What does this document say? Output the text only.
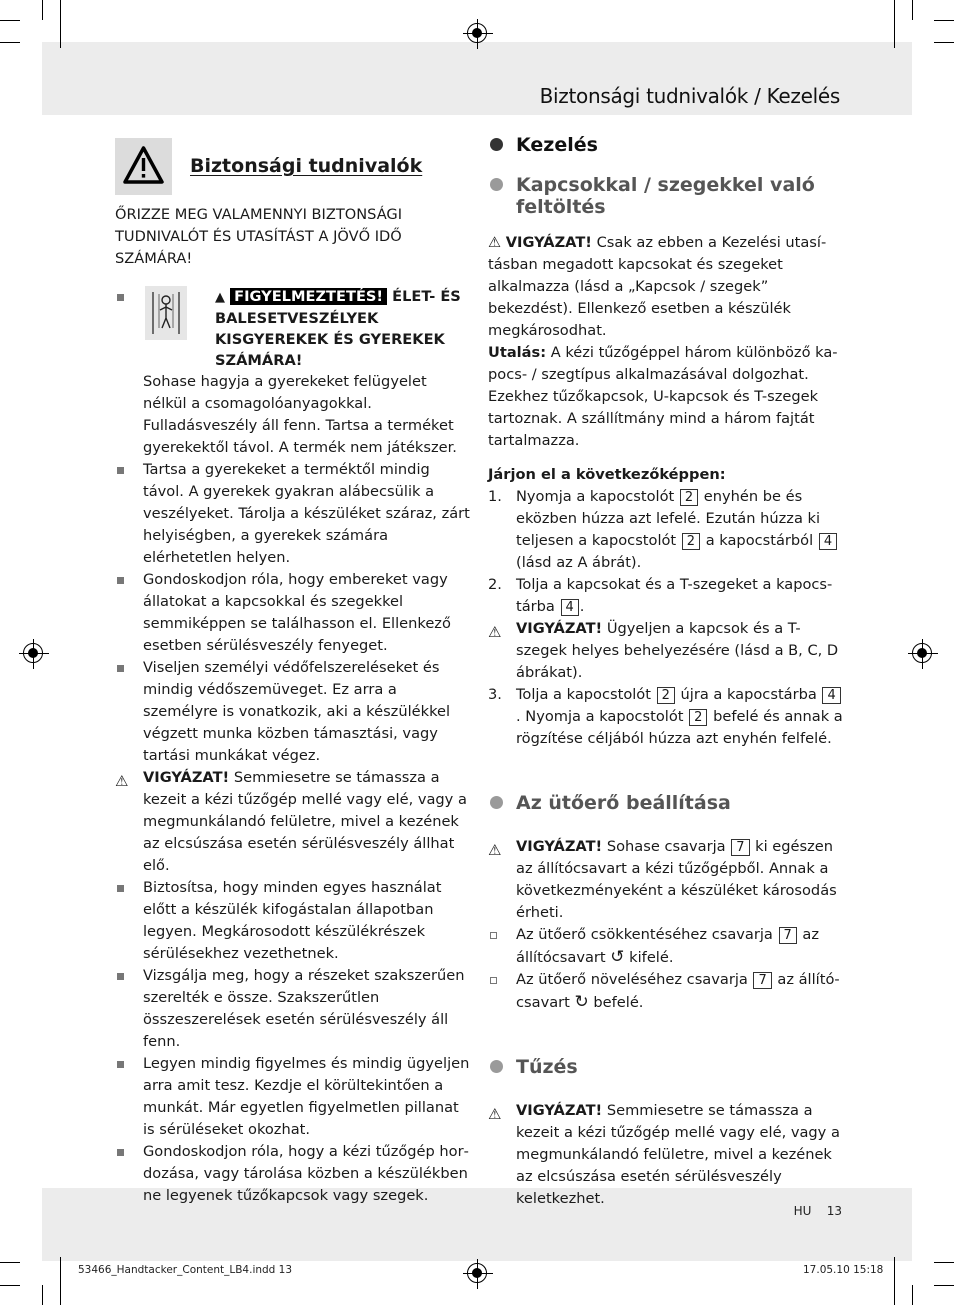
Biztonsági tudnivalók / Kezelés
HU 13
53466_Handtacker_Content_LB4.indd 13	17.05.10 15:18
Biztonsági tudnivalók
ŐRIZZE MEG VALAMENNYI BIZTONSÁGI TUDNIVALÓT ÉS UTASÍTÁST A JÖVŐ IDŐ SZÁMÁRA!
▲ FIGYELMEZTETÉS! ÉLET- ÉS BALESETVESZÉLYEK KISGYEREKEK ÉS GYEREKEK SZÁMÁRA!
Sohase hagyja a gyerekeket felügyelet nélkül a csomagolóanyagokkal. Fulladásveszély áll fenn. Tartsa a terméket gyerekektől távol. A termék nem játékszer.
Tartsa a gyerekeket a terméktől mindig távol. A gyerekek gyakran alábecsülik a veszélyeket. Tárolja a készüléket száraz, zárt helyiségben, a gyerekek számára elérhetetlen helyen.
Gondoskodjon róla, hogy embereket vagy állatokat a kapcsokkal és szegekkel semmiképpen se találhasson el. Ellenkező esetben sérülésveszély fenyeget.
Viseljen személyi védőfelszereléseket és mindig védőszemüveget. Ez arra a személyre is vonatkozik, aki a készülékkel végzett munka közben támasztási, vagy tartási munkákat végez.
⚠ VIGYÁZAT! Semmiesetre se támassza a kezeit a kézi tűzőgép mellé vagy elé, vagy a megmunkálandó felületre, mivel a kezének az elcsúszása esetén sérülésveszély állhat elő.
Biztosítsa, hogy minden egyes használat előtt a készülék kifogástalan állapotban legyen. Megkárosodott készülékrészek sérülésekhez vezethetnek.
Vizsgálja meg, hogy a részeket szakszerűen szerelték e össze. Szakszerűtlen összeszerelések esetén sérülésveszély áll fenn.
Legyen mindig figyelmes és mindig ügyeljen arra amit tesz. Kezdje el körültekintően a munkát. Már egyetlen figyelmetlen pillanat is sérüléseket okozhat.
Gondoskodjon róla, hogy a kézi tűzőgép hordozása, vagy tárolása közben a készülékben ne legyenek tűzőkapcsok vagy szegek.
Kezelés
Kapcsokkal / szegekkel való feltöltés
⚠ VIGYÁZAT! Csak az ebben a Kezelési utasításban megadott kapcsokat és szegeket alkalmazza (lásd a „Kapcsok / szegek” bekezdést). Ellenkező esetben a készülék megkárosodhat.
Utalás: A kézi tűzőgéppel három különböző kapocs- / szegtípus alkalmazásával dolgozhat. Ezekhez tűzőkapcsok, U-kapcsok és T-szegek tartoznak. A szállítmány mind a három fajtát tartalmazza.
Járjon el a következőképpen:
1. Nyomja a kapocstolót 2 enyhén be és eközben húzza azt lefelé. Ezután húzza ki teljesen a kapocstolót 2 a kapocstárból 4 (lásd az A ábrát).
2. Tolja a kapcsokat és a T-szegeket a kapocstárba 4 .
⚠ VIGYÁZAT! Ügyeljen a kapcsok és a T-szegek helyes behelyezésére (lásd a B, C, D ábrákat).
3. Tolja a kapocstolót 2 újra a kapocstárba 4. Nyomja a kapocstolót 2 befelé és annak a rögzítése céljából húzza azt enyhén felfelé.
Az ütőerő beállítása
⚠ VIGYÁZAT! Sohase csavarja 7 ki egészen az állítócsavart a kézi tűzőgépből. Annak a következményeként a készüléket károsodás érheti.
Az ütőerő csökkentéséhez csavarja 7 az állítócsavart ↺ kifelé.
Az ütőerő növeléséhez csavarja 7 az állítócsavart ↻ befelé.
Tűzés
⚠ VIGYÁZAT! Semmiesetre se támassza a kezeit a kézi tűzőgép mellé vagy elé, vagy a megmunkálandó felületre, mivel a kezének az elcsúszása esetén sérülésveszély keletkezhet.
